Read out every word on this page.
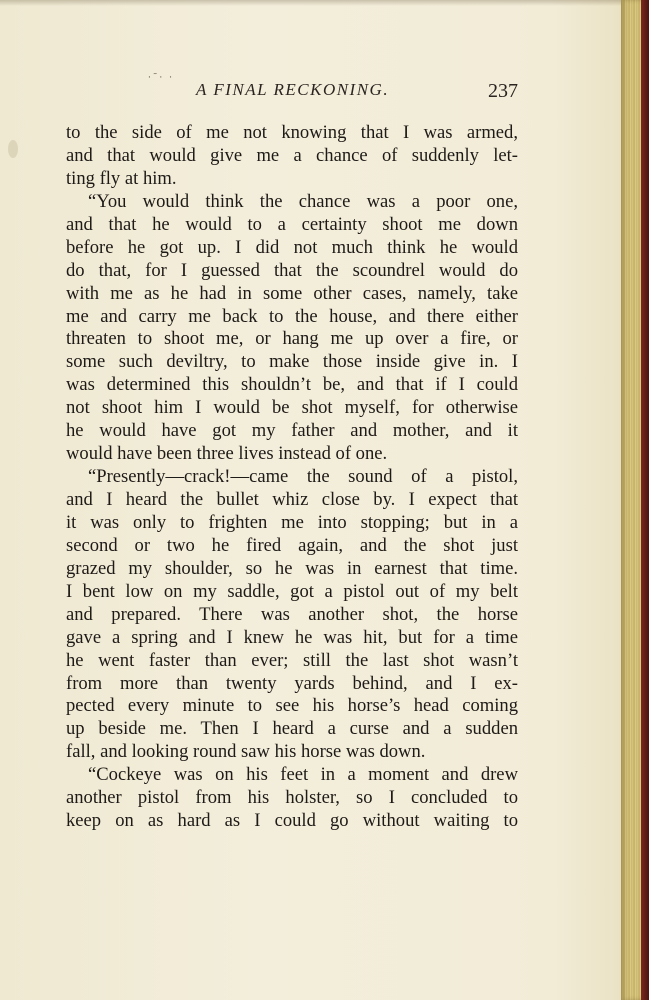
·˜· ·
A FINAL RECKONING.	237
to the side of me not knowing that I was armed,
and that would give me a chance of suddenly let-
ting fly at him.
“You would think the chance was a poor one,
and that he would to a certainty shoot me down
before he got up. I did not much think he would
do that, for I guessed that the scoundrel would do
with me as he had in some other cases, namely, take
me and carry me back to the house, and there either
threaten to shoot me, or hang me up over a fire, or
some such deviltry, to make those inside give in. I
was determined this shouldn’t be, and that if I could
not shoot him I would be shot myself, for otherwise
he would have got my father and mother, and it
would have been three lives instead of one.
“Presently—crack!—came the sound of a pistol,
and I heard the bullet whiz close by. I expect that
it was only to frighten me into stopping; but in a
second or two he fired again, and the shot just
grazed my shoulder, so he was in earnest that time.
I bent low on my saddle, got a pistol out of my belt
and prepared. There was another shot, the horse
gave a spring and I knew he was hit, but for a time
he went faster than ever; still the last shot wasn’t
from more than twenty yards behind, and I ex-
pected every minute to see his horse’s head coming
up beside me. Then I heard a curse and a sudden
fall, and looking round saw his horse was down.
“Cockeye was on his feet in a moment and drew
another pistol from his holster, so I concluded to
keep on as hard as I could go without waiting to
